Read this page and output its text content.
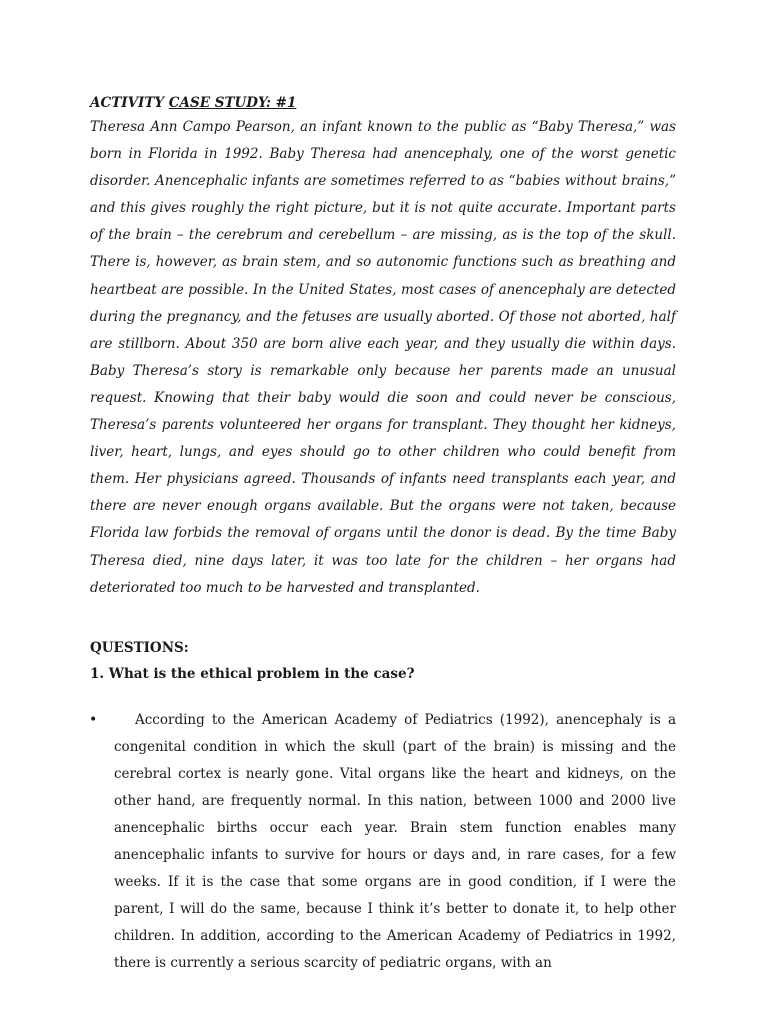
ACTIVITY CASE STUDY: #1

Theresa Ann Campo Pearson, an infant known to the public as “Baby Theresa,” was born in Florida in 1992. Baby Theresa had anencephaly, one of the worst genetic disorder. Anencephalic infants are sometimes referred to as “babies without brains,” and this gives roughly the right picture, but it is not quite accurate. Important parts of the brain – the cerebrum and cerebellum – are missing, as is the top of the skull. There is, however, as brain stem, and so autonomic functions such as breathing and heartbeat are possible. In the United States, most cases of anencephaly are detected during the pregnancy, and the fetuses are usually aborted. Of those not aborted, half are stillborn. About 350 are born alive each year, and they usually die within days. Baby Theresa’s story is remarkable only because her parents made an unusual request. Knowing that their baby would die soon and could never be conscious, Theresa’s parents volunteered her organs for transplant. They thought her kidneys, liver, heart, lungs, and eyes should go to other children who could benefit from them. Her physicians agreed. Thousands of infants need transplants each year, and there are never enough organs available. But the organs were not taken, because Florida law forbids the removal of organs until the donor is dead. By the time Baby Theresa died, nine days later, it was too late for the children – her organs had deteriorated too much to be harvested and transplanted.

QUESTIONS:

1. What is the ethical problem in the case?

•	According to the American Academy of Pediatrics (1992), anencephaly is a congenital condition in which the skull (part of the brain) is missing and the cerebral cortex is nearly gone. Vital organs like the heart and kidneys, on the other hand, are frequently normal. In this nation, between 1000 and 2000 live anencephalic births occur each year. Brain stem function enables many anencephalic infants to survive for hours or days and, in rare cases, for a few weeks. If it is the case that some organs are in good condition, if I were the parent, I will do the same, because I think it’s better to donate it, to help other children. In addition, according to the American Academy of Pediatrics in 1992, there is currently a serious scarcity of pediatric organs, with an
